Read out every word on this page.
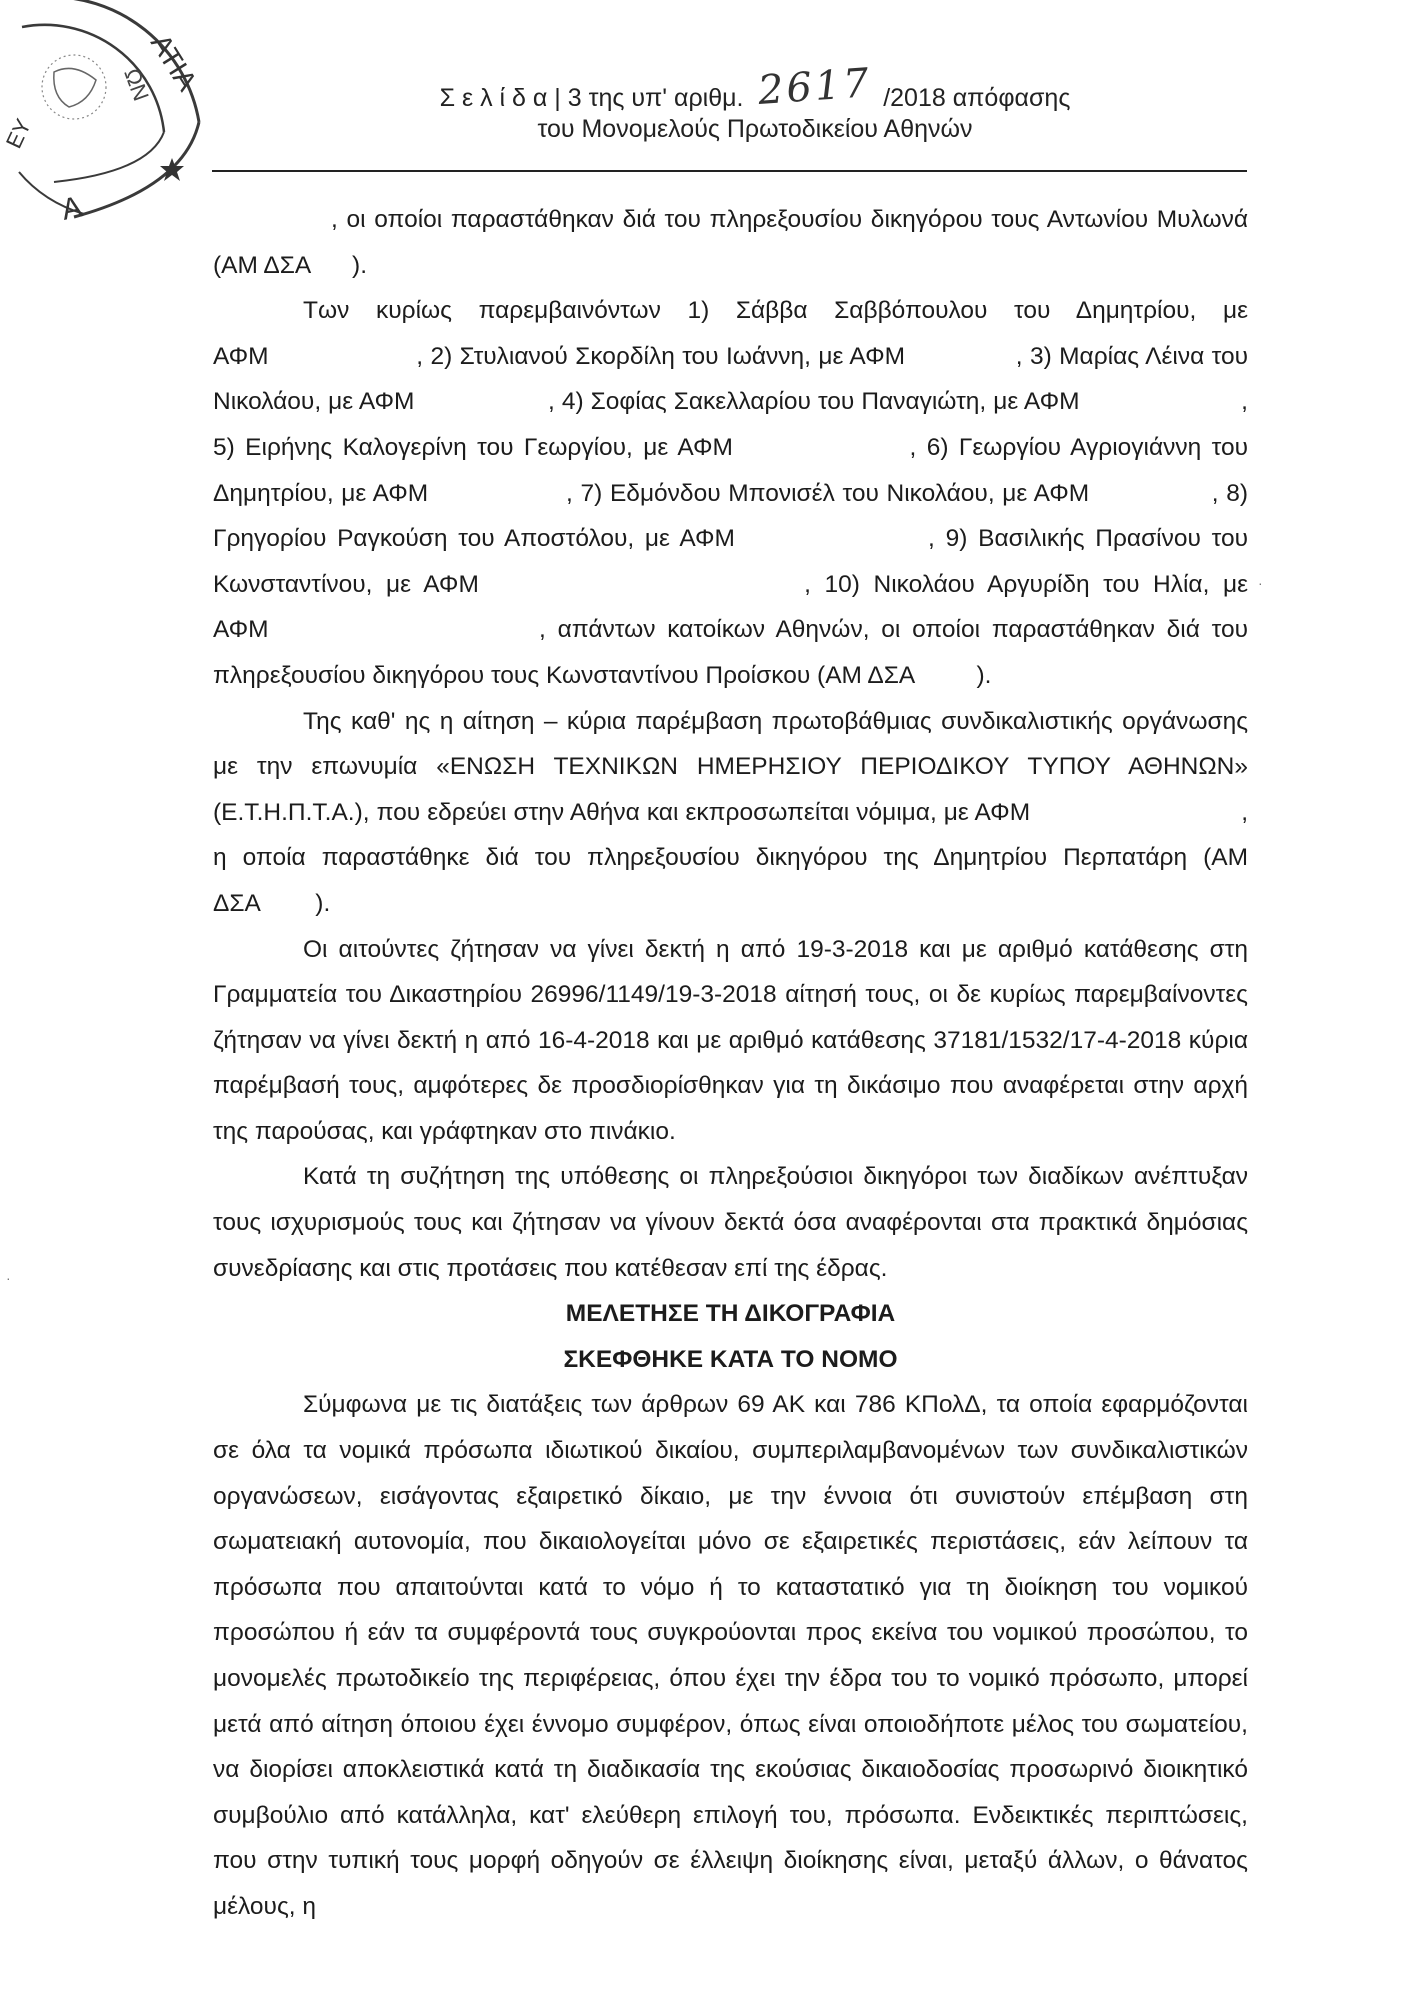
ΑΤΙΑ
ΩΝ
ΕΥ
Α
Σ ε λ ί δ α | 3 της υπ' αριθμ. 2617 /2018 απόφασης
του Μονομελούς Πρωτοδικείου Αθηνών

, οι οποίοι παραστάθηκαν διά του πληρεξουσίου δικηγόρου τους Αντωνίου Μυλωνά (ΑΜ ΔΣΑ      ).

Των κυρίως παρεμβαινόντων 1) Σάββα Σαββόπουλου του Δημητρίου, με ΑΦΜ                    , 2) Στυλιανού Σκορδίλη του Ιωάννη, με ΑΦΜ               , 3) Μαρίας Λέινα του Νικολάου, με ΑΦΜ                   , 4) Σοφίας Σακελλαρίου του Παναγιώτη, με ΑΦΜ                       , 5) Ειρήνης Καλογερίνη του Γεωργίου, με ΑΦΜ                 , 6) Γεωργίου Αγριογιάννη του Δημητρίου, με ΑΦΜ                  , 7) Εδμόνδου Μπονισέλ του Νικολάου, με ΑΦΜ                , 8) Γρηγορίου Ραγκούση του Αποστόλου, με ΑΦΜ                  , 9) Βασιλικής Πρασίνου του Κωνσταντίνου, με ΑΦΜ                        , 10) Νικολάου Αργυρίδη του Ηλία, με ΑΦΜ                       , απάντων κατοίκων Αθηνών, οι οποίοι παραστάθηκαν διά του πληρεξουσίου δικηγόρου τους Κωνσταντίνου Προίσκου (ΑΜ ΔΣΑ         ).

Της καθ' ης η αίτηση – κύρια παρέμβαση πρωτοβάθμιας συνδικαλιστικής οργάνωσης με την επωνυμία «ΕΝΩΣΗ ΤΕΧΝΙΚΩΝ ΗΜΕΡΗΣΙΟΥ ΠΕΡΙΟΔΙΚΟΥ ΤΥΠΟΥ ΑΘΗΝΩΝ» (Ε.Τ.Η.Π.Τ.Α.), που εδρεύει στην Αθήνα και εκπροσωπείται νόμιμα, με ΑΦΜ                              , η οποία παραστάθηκε διά του πληρεξουσίου δικηγόρου της Δημητρίου Περπατάρη (ΑΜ ΔΣΑ        ).

Οι αιτούντες ζήτησαν να γίνει δεκτή η από 19-3-2018 και με αριθμό κατάθεσης στη Γραμματεία του Δικαστηρίου 26996/1149/19-3-2018 αίτησή τους, οι δε κυρίως παρεμβαίνοντες ζήτησαν να γίνει δεκτή η από 16-4-2018 και με αριθμό κατάθεσης 37181/1532/17-4-2018 κύρια παρέμβασή τους, αμφότερες δε προσδιορίσθηκαν για τη δικάσιμο που αναφέρεται στην αρχή της παρούσας, και γράφτηκαν στο πινάκιο.

Κατά τη συζήτηση της υπόθεσης οι πληρεξούσιοι δικηγόροι των διαδίκων ανέπτυξαν τους ισχυρισμούς τους και ζήτησαν να γίνουν δεκτά όσα αναφέρονται στα πρακτικά δημόσιας συνεδρίασης και στις προτάσεις που κατέθεσαν επί της έδρας.

ΜΕΛΕΤΗΣΕ ΤΗ ΔΙΚΟΓΡΑΦΙΑ

ΣΚΕΦΘΗΚΕ ΚΑΤΑ ΤΟ ΝΟΜΟ

Σύμφωνα με τις διατάξεις των άρθρων 69 ΑΚ και 786 ΚΠολΔ, τα οποία εφαρμόζονται σε όλα τα νομικά πρόσωπα ιδιωτικού δικαίου, συμπεριλαμβανομένων των συνδικαλιστικών οργανώσεων, εισάγοντας εξαιρετικό δίκαιο, με την έννοια ότι συνιστούν επέμβαση στη σωματειακή αυτονομία, που δικαιολογείται μόνο σε εξαιρετικές περιστάσεις, εάν λείπουν τα πρόσωπα που απαιτούνται κατά το νόμο ή το καταστατικό για τη διοίκηση του νομικού προσώπου ή εάν τα συμφέροντά τους συγκρούονται προς εκείνα του νομικού προσώπου, το μονομελές πρωτοδικείο της περιφέρειας, όπου έχει την έδρα του το νομικό πρόσωπο, μπορεί μετά από αίτηση όποιου έχει έννομο συμφέρον, όπως είναι οποιοδήποτε μέλος του σωματείου, να διορίσει αποκλειστικά κατά τη διαδικασία της εκούσιας δικαιοδοσίας προσωρινό διοικητικό συμβούλιο από κατάλληλα, κατ' ελεύθερη επιλογή του, πρόσωπα. Ενδεικτικές περιπτώσεις, που στην τυπική τους μορφή οδηγούν σε έλλειψη διοίκησης είναι, μεταξύ άλλων, ο θάνατος μέλους, η

·
·
